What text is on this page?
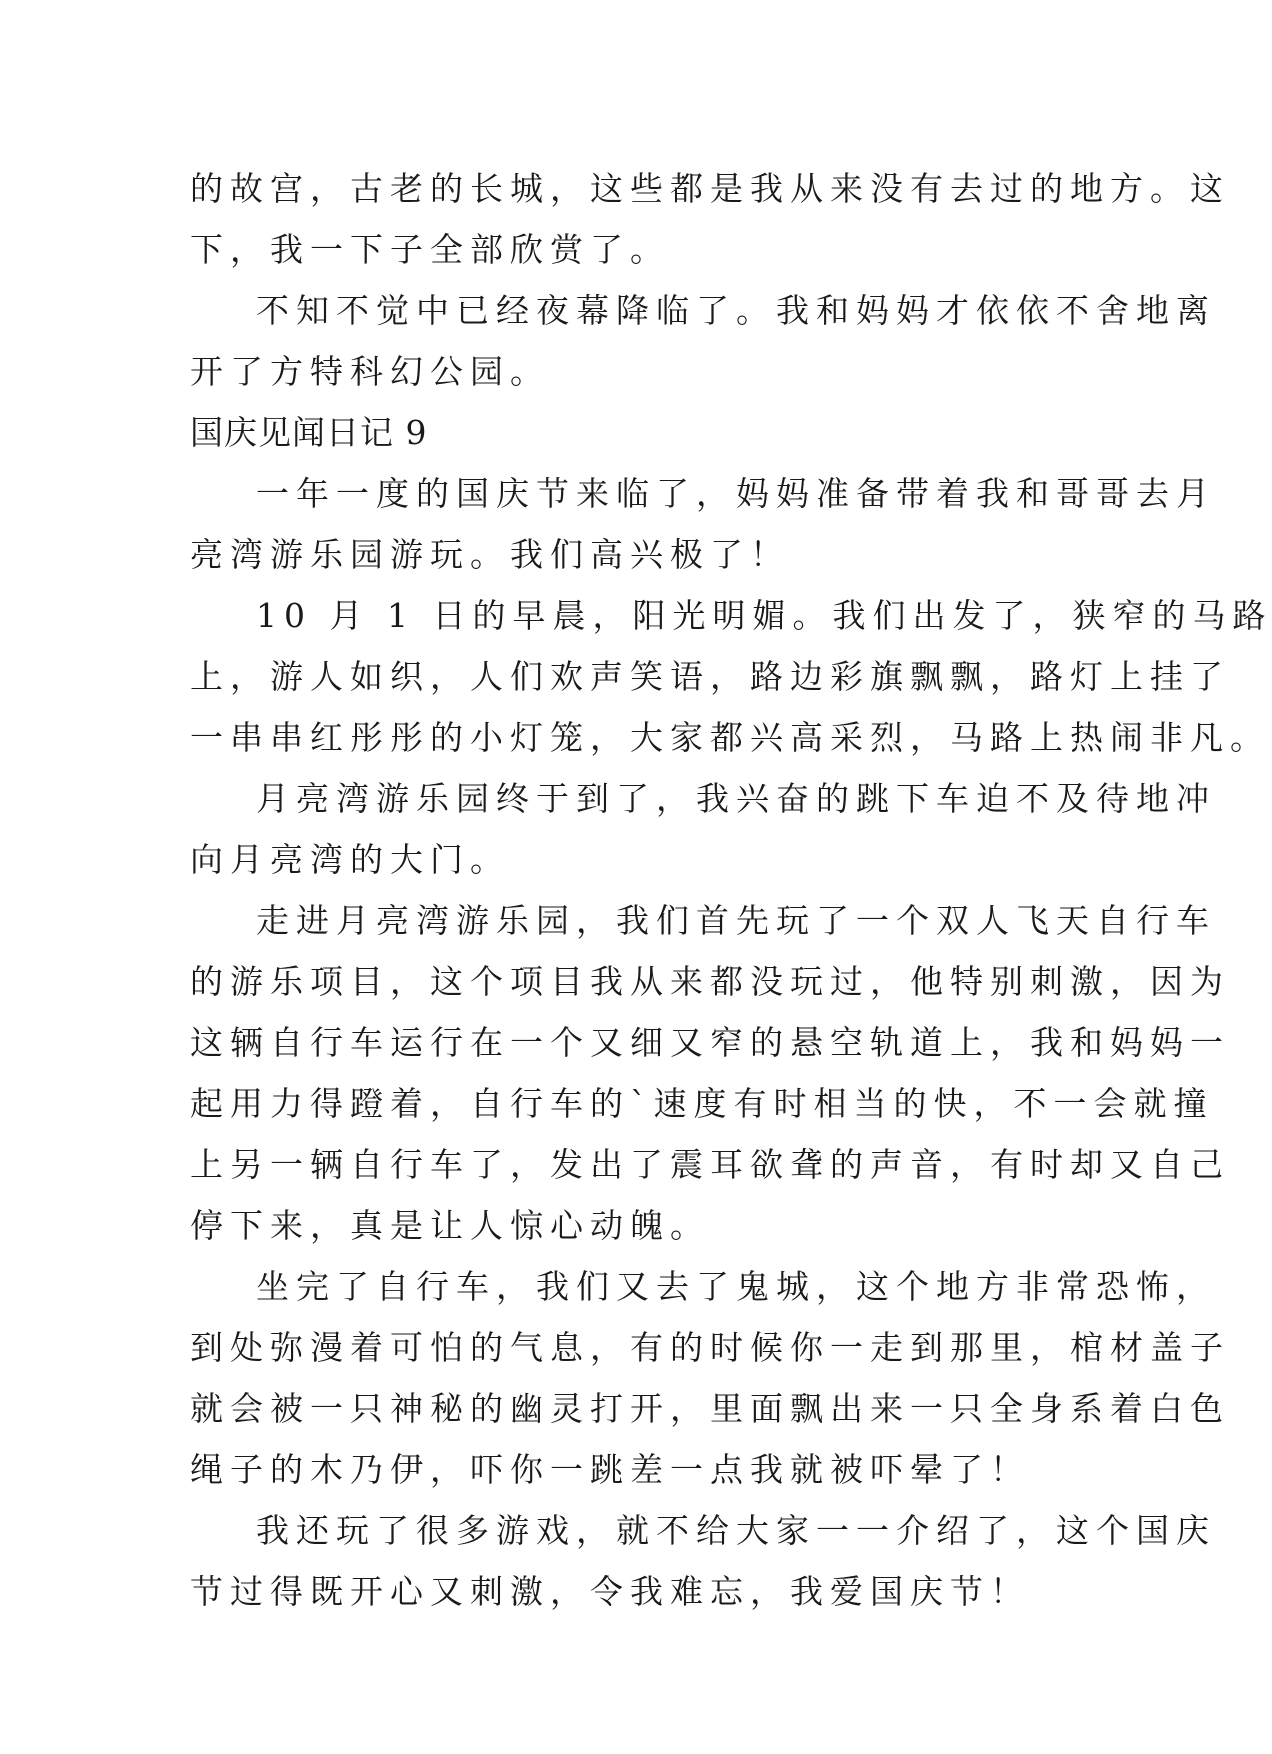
的故宫，古老的长城，这些都是我从来没有去过的地方。这
下，我一下子全部欣赏了。
不知不觉中已经夜幕降临了。我和妈妈才依依不舍地离
开了方特科幻公园。
国庆见闻日记 9
一年一度的国庆节来临了，妈妈准备带着我和哥哥去月
亮湾游乐园游玩。我们高兴极了！
10 月 1 日的早晨，阳光明媚。我们出发了，狭窄的马路
上，游人如织，人们欢声笑语，路边彩旗飘飘，路灯上挂了
一串串红彤彤的小灯笼，大家都兴高采烈，马路上热闹非凡。
月亮湾游乐园终于到了，我兴奋的跳下车迫不及待地冲
向月亮湾的大门。
走进月亮湾游乐园，我们首先玩了一个双人飞天自行车
的游乐项目，这个项目我从来都没玩过，他特别刺激，因为
这辆自行车运行在一个又细又窄的悬空轨道上，我和妈妈一
起用力得蹬着，自行车的`速度有时相当的快，不一会就撞
上另一辆自行车了，发出了震耳欲聋的声音，有时却又自己
停下来，真是让人惊心动魄。
坐完了自行车，我们又去了鬼城，这个地方非常恐怖，
到处弥漫着可怕的气息，有的时候你一走到那里，棺材盖子
就会被一只神秘的幽灵打开，里面飘出来一只全身系着白色
绳子的木乃伊，吓你一跳差一点我就被吓晕了！
我还玩了很多游戏，就不给大家一一介绍了，这个国庆
节过得既开心又刺激，令我难忘，我爱国庆节！
